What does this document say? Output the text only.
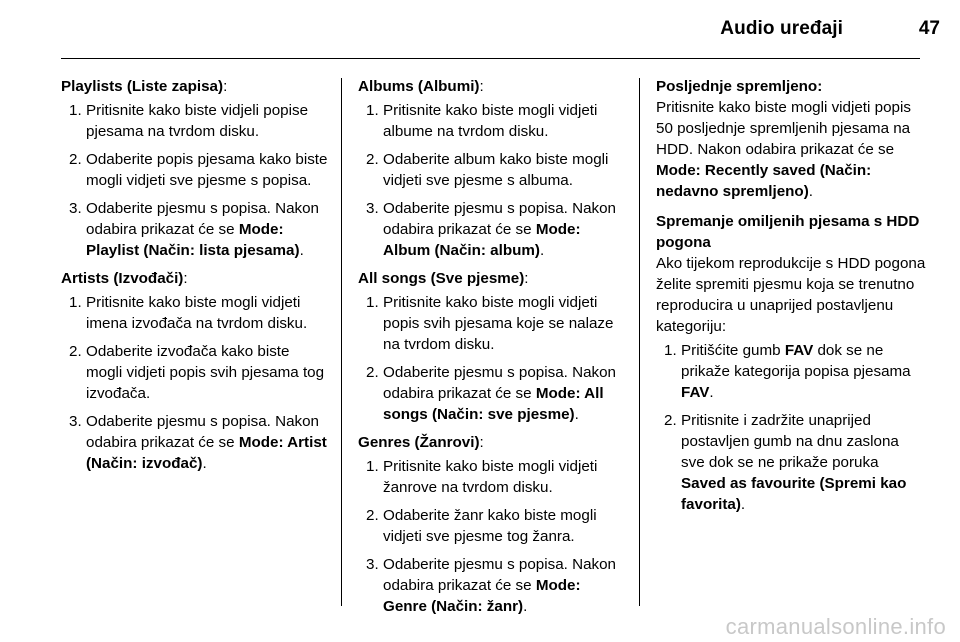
Audio uređaji	47
Playlists (Liste zapisa):
1. Pritisnite kako biste vidjeli popise pjesama na tvrdom disku.
2. Odaberite popis pjesama kako biste mogli vidjeti sve pjesme s popisa.
3. Odaberite pjesmu s popisa. Nakon odabira prikazat će se Mode: Playlist (Način: lista pjesama).
Artists (Izvođači):
1. Pritisnite kako biste mogli vidjeti imena izvođača na tvrdom disku.
2. Odaberite izvođača kako biste mogli vidjeti popis svih pjesama tog izvođača.
3. Odaberite pjesmu s popisa. Nakon odabira prikazat će se Mode: Artist (Način: izvođač).
Albums (Albumi):
1. Pritisnite kako biste mogli vidjeti albume na tvrdom disku.
2. Odaberite album kako biste mogli vidjeti sve pjesme s albuma.
3. Odaberite pjesmu s popisa. Nakon odabira prikazat će se Mode: Album (Način: album).
All songs (Sve pjesme):
1. Pritisnite kako biste mogli vidjeti popis svih pjesama koje se nalaze na tvrdom disku.
2. Odaberite pjesmu s popisa. Nakon odabira prikazat će se Mode: All songs (Način: sve pjesme).
Genres (Žanrovi):
1. Pritisnite kako biste mogli vidjeti žanrove na tvrdom disku.
2. Odaberite žanr kako biste mogli vidjeti sve pjesme tog žanra.
3. Odaberite pjesmu s popisa. Nakon odabira prikazat će se Mode: Genre (Način: žanr).
Posljednje spremljeno:
Pritisnite kako biste mogli vidjeti popis 50 posljednje spremljenih pjesama na HDD. Nakon odabira prikazat će se Mode: Recently saved (Način: nedavno spremljeno).
Spremanje omiljenih pjesama s HDD pogona
Ako tijekom reprodukcije s HDD pogona želite spremiti pjesmu koja se trenutno reproducira u unaprijed postavljenu kategoriju:
1. Pritišćite gumb FAV dok se ne prikaže kategorija popisa pjesama FAV.
2. Pritisnite i zadržite unaprijed postavljen gumb na dnu zaslona sve dok se ne prikaže poruka Saved as favourite (Spremi kao favorita).
carmanualsonline.info
